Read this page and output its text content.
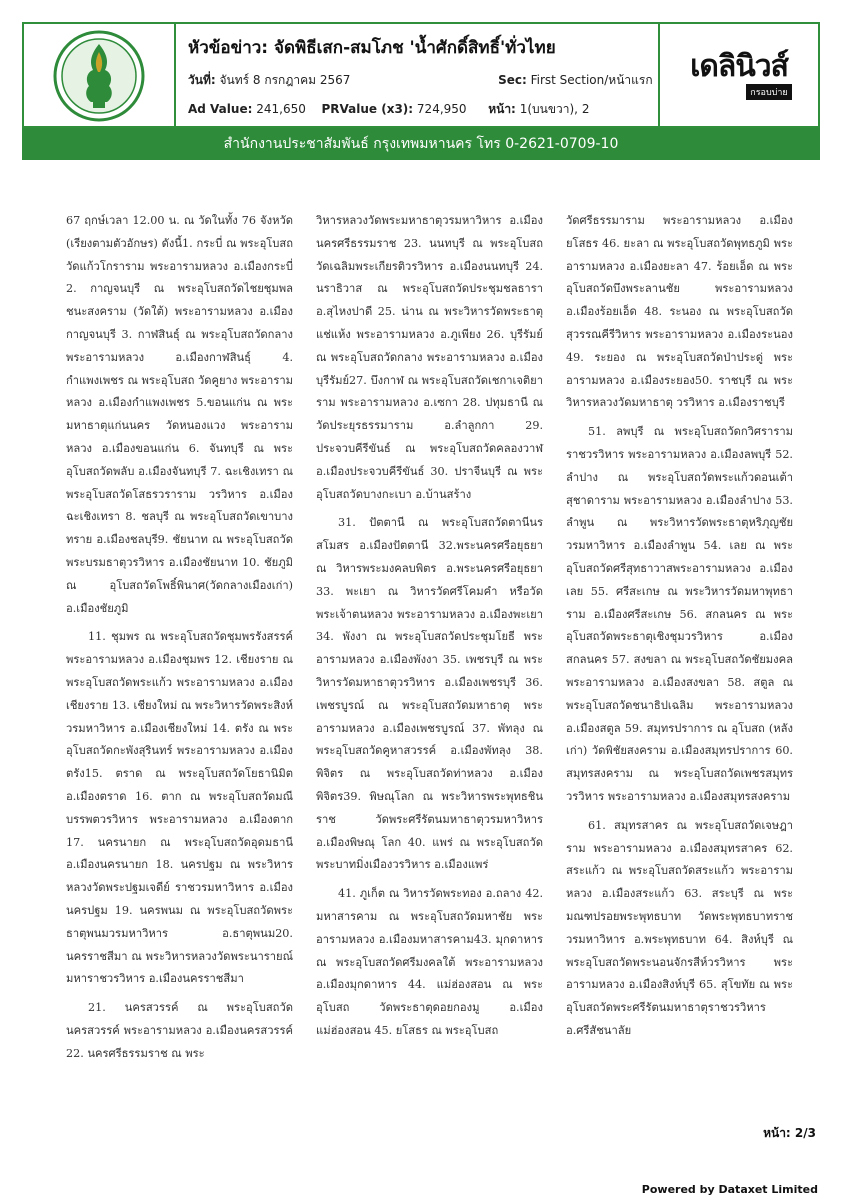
หัวข้อข่าว: จัดพิธีเสก-สมโภช 'น้ำศักดิ์สิทธิ์'ทั่วไทย
วันที่: จันทร์ 8 กรกฎาคม 2567	Sec: First Section/หน้าแรก
Ad Value: 241,650 PRValue (x3): 724,950 หน้า: 1(บนขวา), 2
เดลินิวส์
กรอบบ่าย
สำนักงานประชาสัมพันธ์ กรุงเทพมหานคร โทร 0-2621-0709-10

67 ฤกษ์เวลา 12.00 น. ณ วัดในทั้ง 76 จังหวัด (เรียงตามตัวอักษร) ดังนี้1. กระบี่ ณ พระอุโบสถวัดแก้วโกราราม พระอารามหลวง อ.เมืองกระบี่ 2. กาญจนบุรี ณ พระอุโบสถวัดไชยชุมพลชนะสงคราม (วัดใต้) พระอารามหลวง อ.เมืองกาญจนบุรี 3. กาฬสินธุ์ ณ พระอุโบสถวัดกลาง พระอารามหลวง อ.เมืองกาฬสินธุ์ 4. กำแพงเพชร ณ พระอุโบสถ วัดคูยาง พระอารามหลวง อ.เมืองกำแพงเพชร 5.ขอนแก่น ณ พระมหาธาตุแก่นนคร วัดหนองแวง พระอารามหลวง อ.เมืองขอนแก่น 6. จันทบุรี ณ พระอุโบสถวัดพลับ อ.เมืองจันทบุรี 7. ฉะเชิงเทรา ณ พระอุโบสถวัดโสธรวราราม วรวิหาร อ.เมืองฉะเชิงเทรา 8. ชลบุรี ณ พระอุโบสถวัดเขาบางทราย อ.เมืองชลบุรี9. ชัยนาท ณ พระอุโบสถวัดพระบรมธาตุวรวิหาร อ.เมืองชัยนาท 10. ชัยภูมิ ณ อุโบสถวัดโพธิ์พินาศ(วัดกลางเมืองเก่า) อ.เมืองชัยภูมิ

11. ชุมพร ณ พระอุโบสถวัดชุมพรรังสรรค์ พระอารามหลวง อ.เมืองชุมพร 12. เชียงราย ณ พระอุโบสถวัดพระแก้ว พระอารามหลวง อ.เมืองเชียงราย 13. เชียงใหม่ ณ พระวิหารวัดพระสิงห์วรมหาวิหาร อ.เมืองเชียงใหม่ 14. ตรัง ณ พระอุโบสถวัดกะพังสุรินทร์ พระอารามหลวง อ.เมืองตรัง15. ตราด ณ พระอุโบสถวัดโยธานิมิต อ.เมืองตราด 16. ตาก ณ พระอุโบสถวัดมณีบรรพตวรวิหาร พระอารามหลวง อ.เมืองตาก 17. นครนายก ณ พระอุโบสถวัดอุดมธานี อ.เมืองนครนายก 18. นครปฐม ณ พระวิหารหลวงวัดพระปฐมเจดีย์ ราชวรมหาวิหาร อ.เมืองนครปฐม 19. นครพนม ณ พระอุโบสถวัดพระธาตุพนมวรมหาวิหาร อ.ธาตุพนม20. นครราชสีมา ณ พระวิหารหลวงวัดพระนารายณ์มหาราชวรวิหาร อ.เมืองนครราชสีมา

21. นครสวรรค์ ณ พระอุโบสถวัดนครสวรรค์ พระอารามหลวง อ.เมืองนครสวรรค์ 22. นครศรีธรรมราช ณ พระ

วิหารหลวงวัดพระมหาธาตุวรมหาวิหาร อ.เมืองนครศรีธรรมราช 23. นนทบุรี ณ พระอุโบสถวัดเฉลิมพระเกียรติวรวิหาร อ.เมืองนนทบุรี 24. นราธิวาส ณ พระอุโบสถวัดประชุมชลธารา อ.สุไหงปาดี 25. น่าน ณ พระวิหารวัดพระธาตุแช่แห้ง พระอารามหลวง อ.ภูเพียง 26. บุรีรัมย์ ณ พระอุโบสถวัดกลาง พระอารามหลวง อ.เมืองบุรีรัมย์27. บึงกาฬ ณ พระอุโบสถวัดเชกาเจติยาราม พระอารามหลวง อ.เซกา 28. ปทุมธานี ณ วัดประยุรธรรมาราม อ.ลำลูกกา 29. ประจวบคีรีขันธ์ ณ พระอุโบสถวัดคลองวาฬ อ.เมืองประจวบคีรีขันธ์ 30. ปราจีนบุรี ณ พระอุโบสถวัดบางกะเบา อ.บ้านสร้าง

31. ปัตตานี ณ พระอุโบสถวัดตานีนรสโมสร อ.เมืองปัตตานี 32.พระนครศรีอยุธยา ณ วิหารพระมงคลบพิตร อ.พระนครศรีอยุธยา 33. พะเยา ณ วิหารวัดศรีโคมคำ หรือวัดพระเจ้าตนหลวง พระอารามหลวง อ.เมืองพะเยา 34. พังงา ณ พระอุโบสถวัดประชุมโยธี พระอารามหลวง อ.เมืองพังงา 35. เพชรบุรี ณ พระวิหารวัดมหาธาตุวรวิหาร อ.เมืองเพชรบุรี 36. เพชรบูรณ์ ณ พระอุโบสถวัดมหาธาตุ พระอารามหลวง อ.เมืองเพชรบูรณ์ 37. พัทลุง ณ พระอุโบสถวัดคูหาสวรรค์ อ.เมืองพัทลุง 38. พิจิตร ณ พระอุโบสถวัดท่าหลวง อ.เมืองพิจิตร39. พิษณุโลก ณ พระวิหารพระพุทธชินราช วัดพระศรีรัตนมหาธาตุวรมหาวิหาร อ.เมืองพิษณุ โลก 40. แพร่ ณ พระอุโบสถวัดพระบาทมิ่งเมืองวรวิหาร อ.เมืองแพร่

41. ภูเก็ต ณ วิหารวัดพระทอง อ.ถลาง 42. มหาสารคาม ณ พระอุโบสถวัดมหาชัย พระอารามหลวง อ.เมืองมหาสารคาม43. มุกดาหาร ณ พระอุโบสถวัดศรีมงคลใต้ พระอารามหลวง อ.เมืองมุกดาหาร 44. แม่ฮ่องสอน ณ พระอุโบสถ วัดพระธาตุดอยกองมู อ.เมืองแม่ฮ่องสอน 45. ยโสธร ณ พระอุโบสถ

วัดศรีธรรมาราม พระอารามหลวง อ.เมืองยโสธร 46. ยะลา ณ พระอุโบสถวัดพุทธภูมิ พระอารามหลวง อ.เมืองยะลา 47. ร้อยเอ็ด ณ พระอุโบสถวัดบึงพระลานชัย พระอารามหลวง อ.เมืองร้อยเอ็ด 48. ระนอง ณ พระอุโบสถวัดสุวรรณคีรีวิหาร พระอารามหลวง อ.เมืองระนอง 49. ระยอง ณ พระอุโบสถวัดป่าประดู่ พระอารามหลวง อ.เมืองระยอง50. ราชบุรี ณ พระวิหารหลวงวัดมหาธาตุ วรวิหาร อ.เมืองราชบุรี

51. ลพบุรี ณ พระอุโบสถวัดกวิศรารามราชวรวิหาร พระอารามหลวง อ.เมืองลพบุรี 52. ลำปาง ณ พระอุโบสถวัดพระแก้วดอนเต้า สุชาดาราม พระอารามหลวง อ.เมืองลำปาง 53. ลำพูน ณ พระวิหารวัดพระธาตุหริภุญชัย วรมหาวิหาร อ.เมืองลำพูน 54. เลย ณ พระอุโบสถวัดศรีสุทธาวาสพระอารามหลวง อ.เมืองเลย 55. ศรีสะเกษ ณ พระวิหารวัดมหาพุทธาราม อ.เมืองศรีสะเกษ 56. สกลนคร ณ พระอุโบสถวัดพระธาตุเชิงชุมวรวิหาร อ.เมืองสกลนคร 57. สงขลา ณ พระอุโบสถวัดชัยมงคล พระอารามหลวง อ.เมืองสงขลา 58. สตูล ณ พระอุโบสถวัดชนาธิปเฉลิม พระอารามหลวง อ.เมืองสตูล 59. สมุทรปราการ ณ อุโบสถ (หลังเก่า) วัดพิชัยสงคราม อ.เมืองสมุทรปราการ 60. สมุทรสงคราม ณ พระอุโบสถวัดเพชรสมุทรวรวิหาร พระอารามหลวง อ.เมืองสมุทรสงคราม

61. สมุทรสาคร ณ พระอุโบสถวัดเจษฎาราม พระอารามหลวง อ.เมืองสมุทรสาคร 62. สระแก้ว ณ พระอุโบสถวัดสระแก้ว พระอารามหลวง อ.เมืองสระแก้ว 63. สระบุรี ณ พระมณฑปรอยพระพุทธบาท วัดพระพุทธบาทราชวรมหาวิหาร อ.พระพุทธบาท 64. สิงห์บุรี ณ พระอุโบสถวัดพระนอนจักรสีห์วรวิหาร พระอารามหลวง อ.เมืองสิงห์บุรี 65. สุโขทัย ณ พระอุโบสถวัดพระศรีรัตนมหาธาตุราชวรวิหาร อ.ศรีสัชนาลัย

หน้า: 2/3
Powered by Dataxet Limited
